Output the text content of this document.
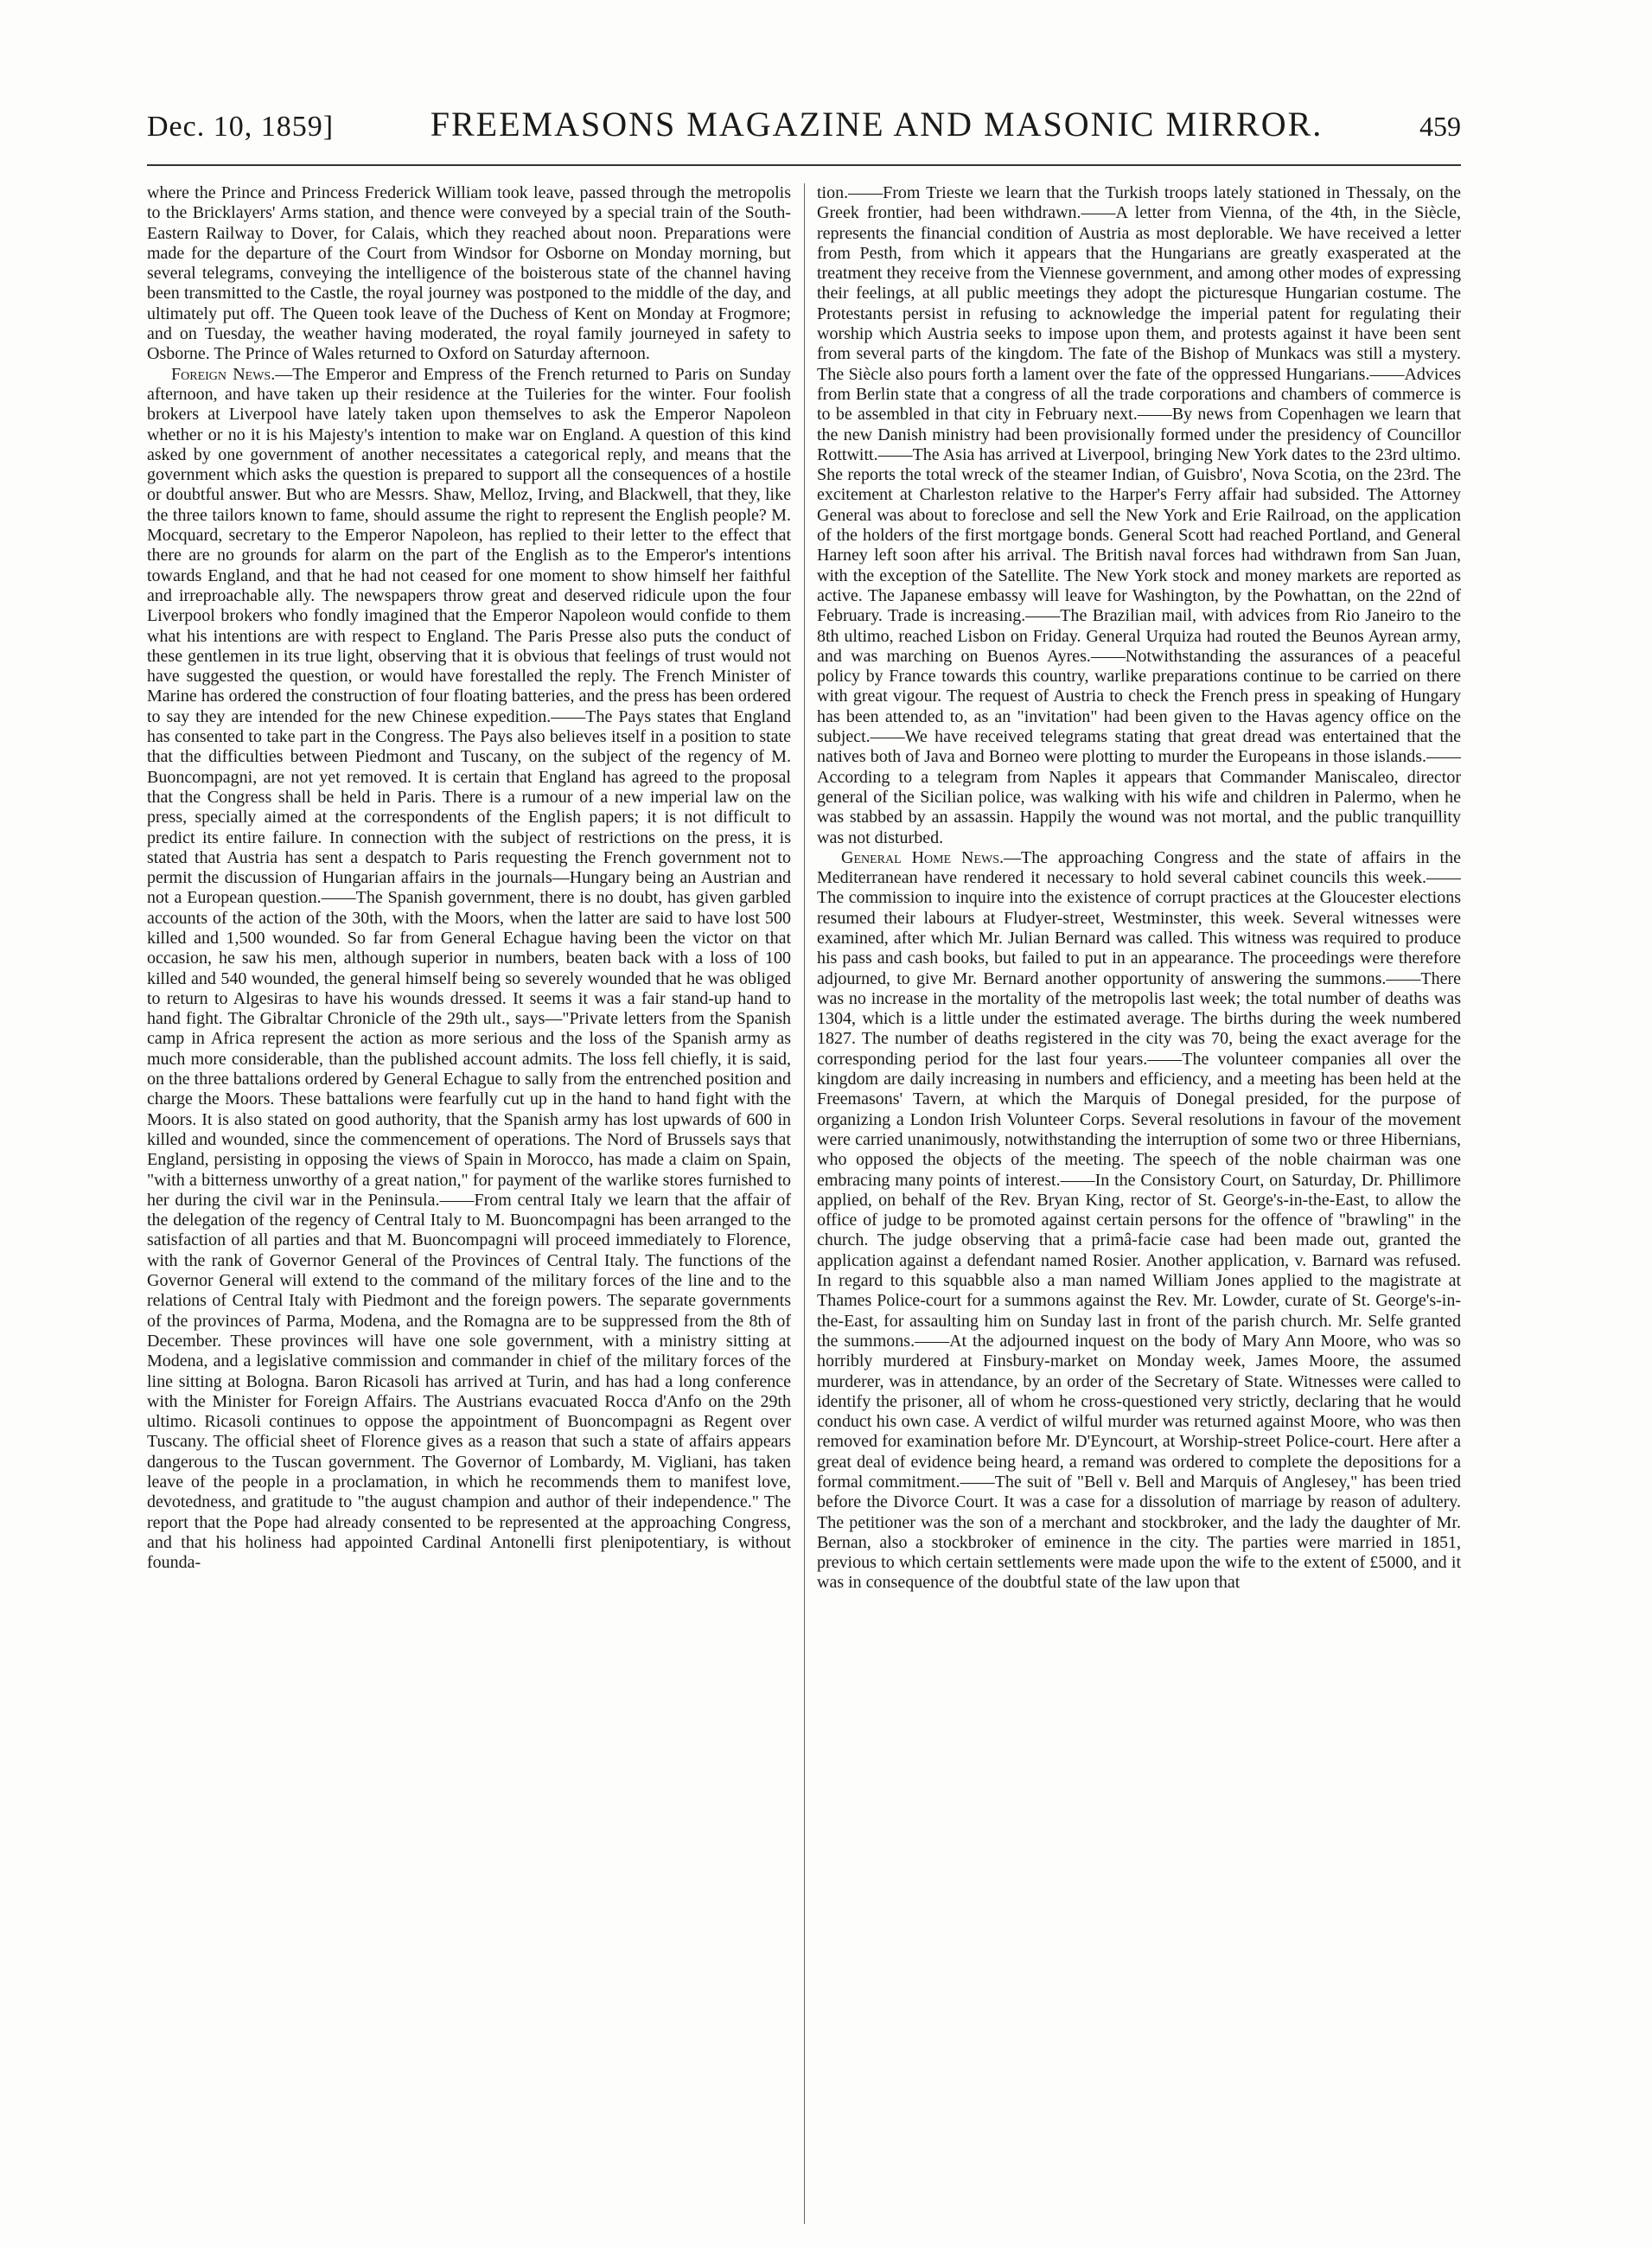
Dec. 10, 1859]	FREEMASONS MAGAZINE AND MASONIC MIRROR.	459

where the Prince and Princess Frederick William took leave, passed through the metropolis to the Bricklayers' Arms station, and thence were conveyed by a special train of the South-Eastern Railway to Dover, for Calais, which they reached about noon. Preparations were made for the departure of the Court from Windsor for Osborne on Monday morning, but several telegrams, conveying the intelligence of the boisterous state of the channel having been transmitted to the Castle, the royal journey was postponed to the middle of the day, and ultimately put off. The Queen took leave of the Duchess of Kent on Monday at Frogmore; and on Tuesday, the weather having moderated, the royal family journeyed in safety to Osborne. The Prince of Wales returned to Oxford on Saturday afternoon.

Foreign News.—The Emperor and Empress of the French returned to Paris on Sunday afternoon, and have taken up their residence at the Tuileries for the winter. Four foolish brokers at Liverpool have lately taken upon themselves to ask the Emperor Napoleon whether or no it is his Majesty's intention to make war on England. A question of this kind asked by one government of another necessitates a categorical reply, and means that the government which asks the question is prepared to support all the consequences of a hostile or doubtful answer. But who are Messrs. Shaw, Melloz, Irving, and Blackwell, that they, like the three tailors known to fame, should assume the right to represent the English people? M. Mocquard, secretary to the Emperor Napoleon, has replied to their letter to the effect that there are no grounds for alarm on the part of the English as to the Emperor's intentions towards England, and that he had not ceased for one moment to show himself her faithful and irreproachable ally. The newspapers throw great and deserved ridicule upon the four Liverpool brokers who fondly imagined that the Emperor Napoleon would confide to them what his intentions are with respect to England. The Paris Presse also puts the conduct of these gentlemen in its true light, observing that it is obvious that feelings of trust would not have suggested the question, or would have forestalled the reply. The French Minister of Marine has ordered the construction of four floating batteries, and the press has been ordered to say they are intended for the new Chinese expedition.——The Pays states that England has consented to take part in the Congress. The Pays also believes itself in a position to state that the difficulties between Piedmont and Tuscany, on the subject of the regency of M. Buoncompagni, are not yet removed. It is certain that England has agreed to the proposal that the Congress shall be held in Paris. There is a rumour of a new imperial law on the press, specially aimed at the correspondents of the English papers; it is not difficult to predict its entire failure. In connection with the subject of restrictions on the press, it is stated that Austria has sent a despatch to Paris requesting the French government not to permit the discussion of Hungarian affairs in the journals—Hungary being an Austrian and not a European question.——The Spanish government, there is no doubt, has given garbled accounts of the action of the 30th, with the Moors, when the latter are said to have lost 500 killed and 1,500 wounded. So far from General Echague having been the victor on that occasion, he saw his men, although superior in numbers, beaten back with a loss of 100 killed and 540 wounded, the general himself being so severely wounded that he was obliged to return to Algesiras to have his wounds dressed. It seems it was a fair stand-up hand to hand fight. The Gibraltar Chronicle of the 29th ult., says—"Private letters from the Spanish camp in Africa represent the action as more serious and the loss of the Spanish army as much more considerable, than the published account admits. The loss fell chiefly, it is said, on the three battalions ordered by General Echague to sally from the entrenched position and charge the Moors. These battalions were fearfully cut up in the hand to hand fight with the Moors. It is also stated on good authority, that the Spanish army has lost upwards of 600 in killed and wounded, since the commencement of operations. The Nord of Brussels says that England, persisting in opposing the views of Spain in Morocco, has made a claim on Spain, "with a bitterness unworthy of a great nation," for payment of the warlike stores furnished to her during the civil war in the Peninsula.——From central Italy we learn that the affair of the delegation of the regency of Central Italy to M. Buoncompagni has been arranged to the satisfaction of all parties and that M. Buoncompagni will proceed immediately to Florence, with the rank of Governor General of the Provinces of Central Italy. The functions of the Governor General will extend to the command of the military forces of the line and to the relations of Central Italy with Piedmont and the foreign powers. The separate governments of the provinces of Parma, Modena, and the Romagna are to be suppressed from the 8th of December. These provinces will have one sole government, with a ministry sitting at Modena, and a legislative commission and commander in chief of the military forces of the line sitting at Bologna. Baron Ricasoli has arrived at Turin, and has had a long conference with the Minister for Foreign Affairs. The Austrians evacuated Rocca d'Anfo on the 29th ultimo. Ricasoli continues to oppose the appointment of Buoncompagni as Regent over Tuscany. The official sheet of Florence gives as a reason that such a state of affairs appears dangerous to the Tuscan government. The Governor of Lombardy, M. Vigliani, has taken leave of the people in a proclamation, in which he recommends them to manifest love, devotedness, and gratitude to "the august champion and author of their independence." The report that the Pope had already consented to be represented at the approaching Congress, and that his holiness had appointed Cardinal Antonelli first plenipotentiary, is without founda-

tion.——From Trieste we learn that the Turkish troops lately stationed in Thessaly, on the Greek frontier, had been withdrawn.——A letter from Vienna, of the 4th, in the Siècle, represents the financial condition of Austria as most deplorable. We have received a letter from Pesth, from which it appears that the Hungarians are greatly exasperated at the treatment they receive from the Viennese government, and among other modes of expressing their feelings, at all public meetings they adopt the picturesque Hungarian costume. The Protestants persist in refusing to acknowledge the imperial patent for regulating their worship which Austria seeks to impose upon them, and protests against it have been sent from several parts of the kingdom. The fate of the Bishop of Munkacs was still a mystery. The Siècle also pours forth a lament over the fate of the oppressed Hungarians.——Advices from Berlin state that a congress of all the trade corporations and chambers of commerce is to be assembled in that city in February next.——By news from Copenhagen we learn that the new Danish ministry had been provisionally formed under the presidency of Councillor Rottwitt.——The Asia has arrived at Liverpool, bringing New York dates to the 23rd ultimo. She reports the total wreck of the steamer Indian, of Guisbro', Nova Scotia, on the 23rd. The excitement at Charleston relative to the Harper's Ferry affair had subsided. The Attorney General was about to foreclose and sell the New York and Erie Railroad, on the application of the holders of the first mortgage bonds. General Scott had reached Portland, and General Harney left soon after his arrival. The British naval forces had withdrawn from San Juan, with the exception of the Satellite. The New York stock and money markets are reported as active. The Japanese embassy will leave for Washington, by the Powhattan, on the 22nd of February. Trade is increasing.——The Brazilian mail, with advices from Rio Janeiro to the 8th ultimo, reached Lisbon on Friday. General Urquiza had routed the Beunos Ayrean army, and was marching on Buenos Ayres.——Notwithstanding the assurances of a peaceful policy by France towards this country, warlike preparations continue to be carried on there with great vigour. The request of Austria to check the French press in speaking of Hungary has been attended to, as an "invitation" had been given to the Havas agency office on the subject.——We have received telegrams stating that great dread was entertained that the natives both of Java and Borneo were plotting to murder the Europeans in those islands.——According to a telegram from Naples it appears that Commander Maniscaleo, director general of the Sicilian police, was walking with his wife and children in Palermo, when he was stabbed by an assassin. Happily the wound was not mortal, and the public tranquillity was not disturbed.

General Home News.—The approaching Congress and the state of affairs in the Mediterranean have rendered it necessary to hold several cabinet councils this week.——The commission to inquire into the existence of corrupt practices at the Gloucester elections resumed their labours at Fludyer-street, Westminster, this week. Several witnesses were examined, after which Mr. Julian Bernard was called. This witness was required to produce his pass and cash books, but failed to put in an appearance. The proceedings were therefore adjourned, to give Mr. Bernard another opportunity of answering the summons.——There was no increase in the mortality of the metropolis last week; the total number of deaths was 1304, which is a little under the estimated average. The births during the week numbered 1827. The number of deaths registered in the city was 70, being the exact average for the corresponding period for the last four years.——The volunteer companies all over the kingdom are daily increasing in numbers and efficiency, and a meeting has been held at the Freemasons' Tavern, at which the Marquis of Donegal presided, for the purpose of organizing a London Irish Volunteer Corps. Several resolutions in favour of the movement were carried unanimously, notwithstanding the interruption of some two or three Hibernians, who opposed the objects of the meeting. The speech of the noble chairman was one embracing many points of interest.——In the Consistory Court, on Saturday, Dr. Phillimore applied, on behalf of the Rev. Bryan King, rector of St. George's-in-the-East, to allow the office of judge to be promoted against certain persons for the offence of "brawling" in the church. The judge observing that a primâ-facie case had been made out, granted the application against a defendant named Rosier. Another application, v. Barnard was refused. In regard to this squabble also a man named William Jones applied to the magistrate at Thames Police-court for a summons against the Rev. Mr. Lowder, curate of St. George's-in-the-East, for assaulting him on Sunday last in front of the parish church. Mr. Selfe granted the summons.——At the adjourned inquest on the body of Mary Ann Moore, who was so horribly murdered at Finsbury-market on Monday week, James Moore, the assumed murderer, was in attendance, by an order of the Secretary of State. Witnesses were called to identify the prisoner, all of whom he cross-questioned very strictly, declaring that he would conduct his own case. A verdict of wilful murder was returned against Moore, who was then removed for examination before Mr. D'Eyncourt, at Worship-street Police-court. Here after a great deal of evidence being heard, a remand was ordered to complete the depositions for a formal commitment.——The suit of "Bell v. Bell and Marquis of Anglesey," has been tried before the Divorce Court. It was a case for a dissolution of marriage by reason of adultery. The petitioner was the son of a merchant and stockbroker, and the lady the daughter of Mr. Bernan, also a stockbroker of eminence in the city. The parties were married in 1851, previous to which certain settlements were made upon the wife to the extent of £5000, and it was in consequence of the doubtful state of the law upon that
